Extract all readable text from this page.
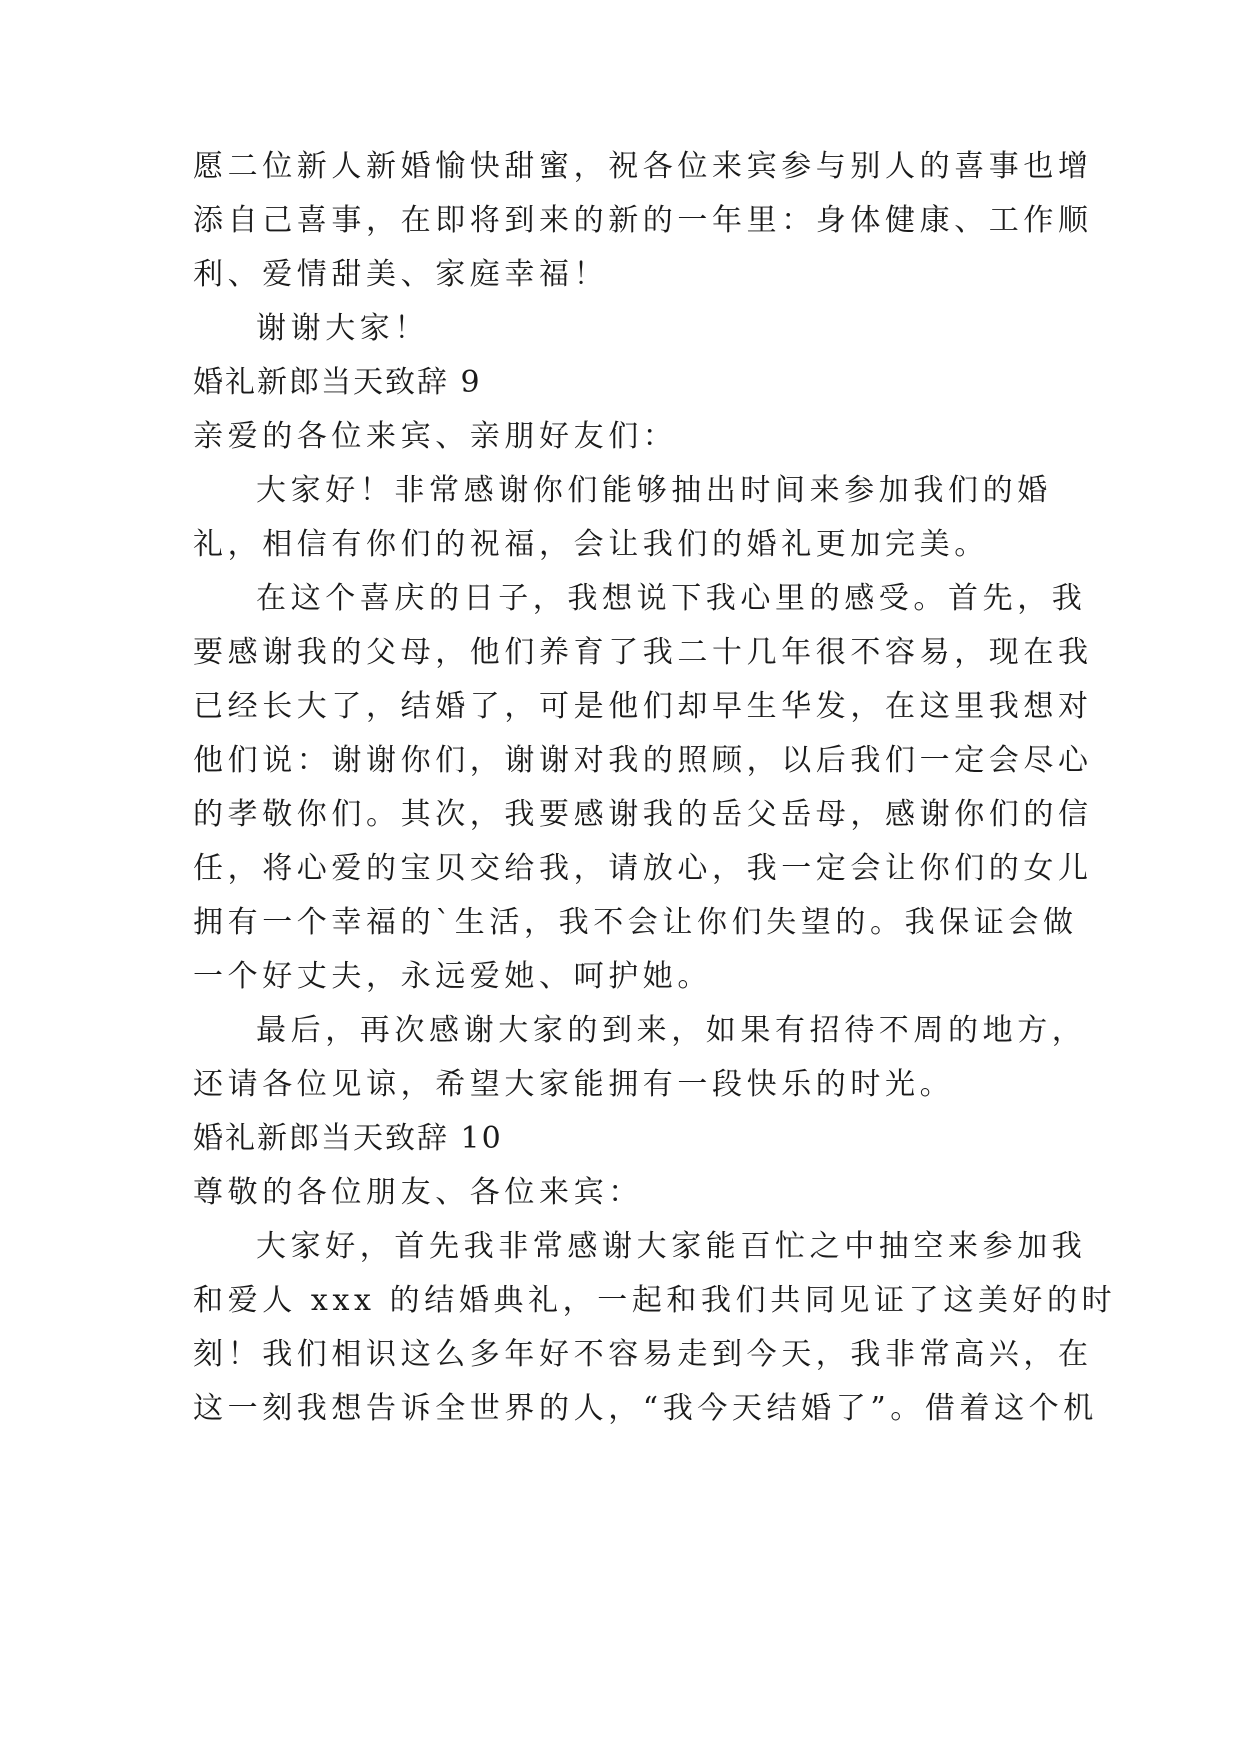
愿二位新人新婚愉快甜蜜，祝各位来宾参与别人的喜事也增
添自己喜事，在即将到来的新的一年里：身体健康、工作顺
利、爱情甜美、家庭幸福！
谢谢大家！
婚礼新郎当天致辞 9
亲爱的各位来宾、亲朋好友们：
大家好！非常感谢你们能够抽出时间来参加我们的婚
礼，相信有你们的祝福，会让我们的婚礼更加完美。
在这个喜庆的日子，我想说下我心里的感受。首先，我
要感谢我的父母，他们养育了我二十几年很不容易，现在我
已经长大了，结婚了，可是他们却早生华发，在这里我想对
他们说：谢谢你们，谢谢对我的照顾，以后我们一定会尽心
的孝敬你们。其次，我要感谢我的岳父岳母，感谢你们的信
任，将心爱的宝贝交给我，请放心，我一定会让你们的女儿
拥有一个幸福的`生活，我不会让你们失望的。我保证会做
一个好丈夫，永远爱她、呵护她。
最后，再次感谢大家的到来，如果有招待不周的地方，
还请各位见谅，希望大家能拥有一段快乐的时光。
婚礼新郎当天致辞 10
尊敬的各位朋友、各位来宾：
大家好，首先我非常感谢大家能百忙之中抽空来参加我
和爱人 xxx 的结婚典礼，一起和我们共同见证了这美好的时
刻！我们相识这么多年好不容易走到今天，我非常高兴，在
这一刻我想告诉全世界的人，“我今天结婚了”。借着这个机
